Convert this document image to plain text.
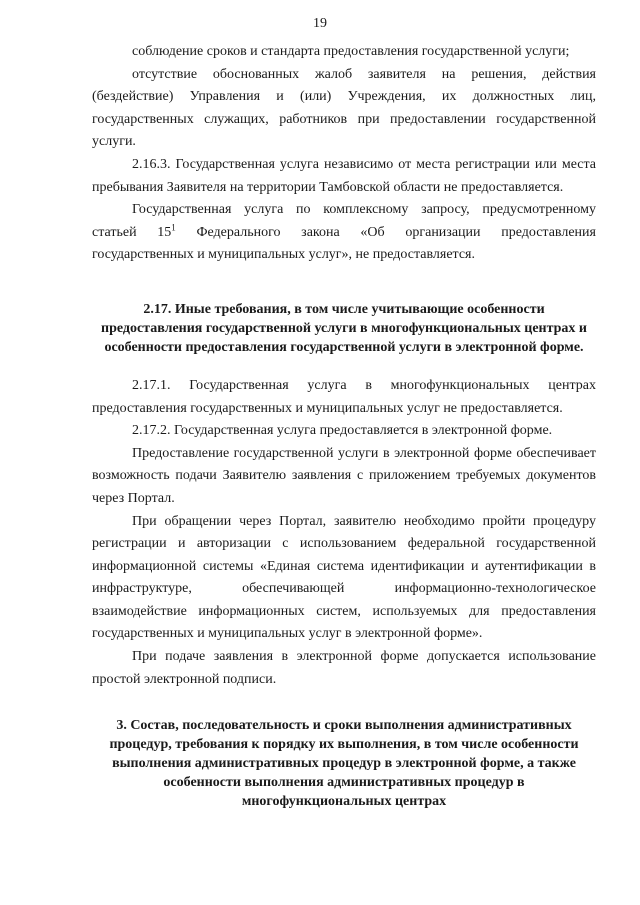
19

соблюдение сроков и стандарта предоставления государственной услуги;

отсутствие обоснованных жалоб заявителя на решения, действия (бездействие) Управления и (или) Учреждения, их должностных лиц, государственных служащих, работников при предоставлении государственной услуги.

2.16.3. Государственная услуга независимо от места регистрации или места пребывания Заявителя на территории Тамбовской области не предоставляется.

Государственная услуга по комплексному запросу, предусмотренному статьей $15^1$ Федерального закона «Об организации предоставления государственных и муниципальных услуг», не предоставляется.

2.17. Иные требования, в том числе учитывающие особенности предоставления государственной услуги в многофункциональных центрах и особенности предоставления государственной услуги в электронной форме.

2.17.1. Государственная услуга в многофункциональных центрах предоставления государственных и муниципальных услуг не предоставляется.

2.17.2. Государственная услуга предоставляется в электронной форме.

Предоставление государственной услуги в электронной форме обеспечивает возможность подачи Заявителю заявления с приложением требуемых документов через Портал.

При обращении через Портал, заявителю необходимо пройти процедуру регистрации и авторизации с использованием федеральной государственной информационной системы «Единая система идентификации и аутентификации в инфраструктуре, обеспечивающей информационно-технологическое взаимодействие информационных систем, используемых для предоставления государственных и муниципальных услуг в электронной форме».

При подаче заявления в электронной форме допускается использование простой электронной подписи.

3. Состав, последовательность и сроки выполнения административных процедур, требования к порядку их выполнения, в том числе особенности выполнения административных процедур в электронной форме, а также особенности выполнения административных процедур в многофункциональных центрах
